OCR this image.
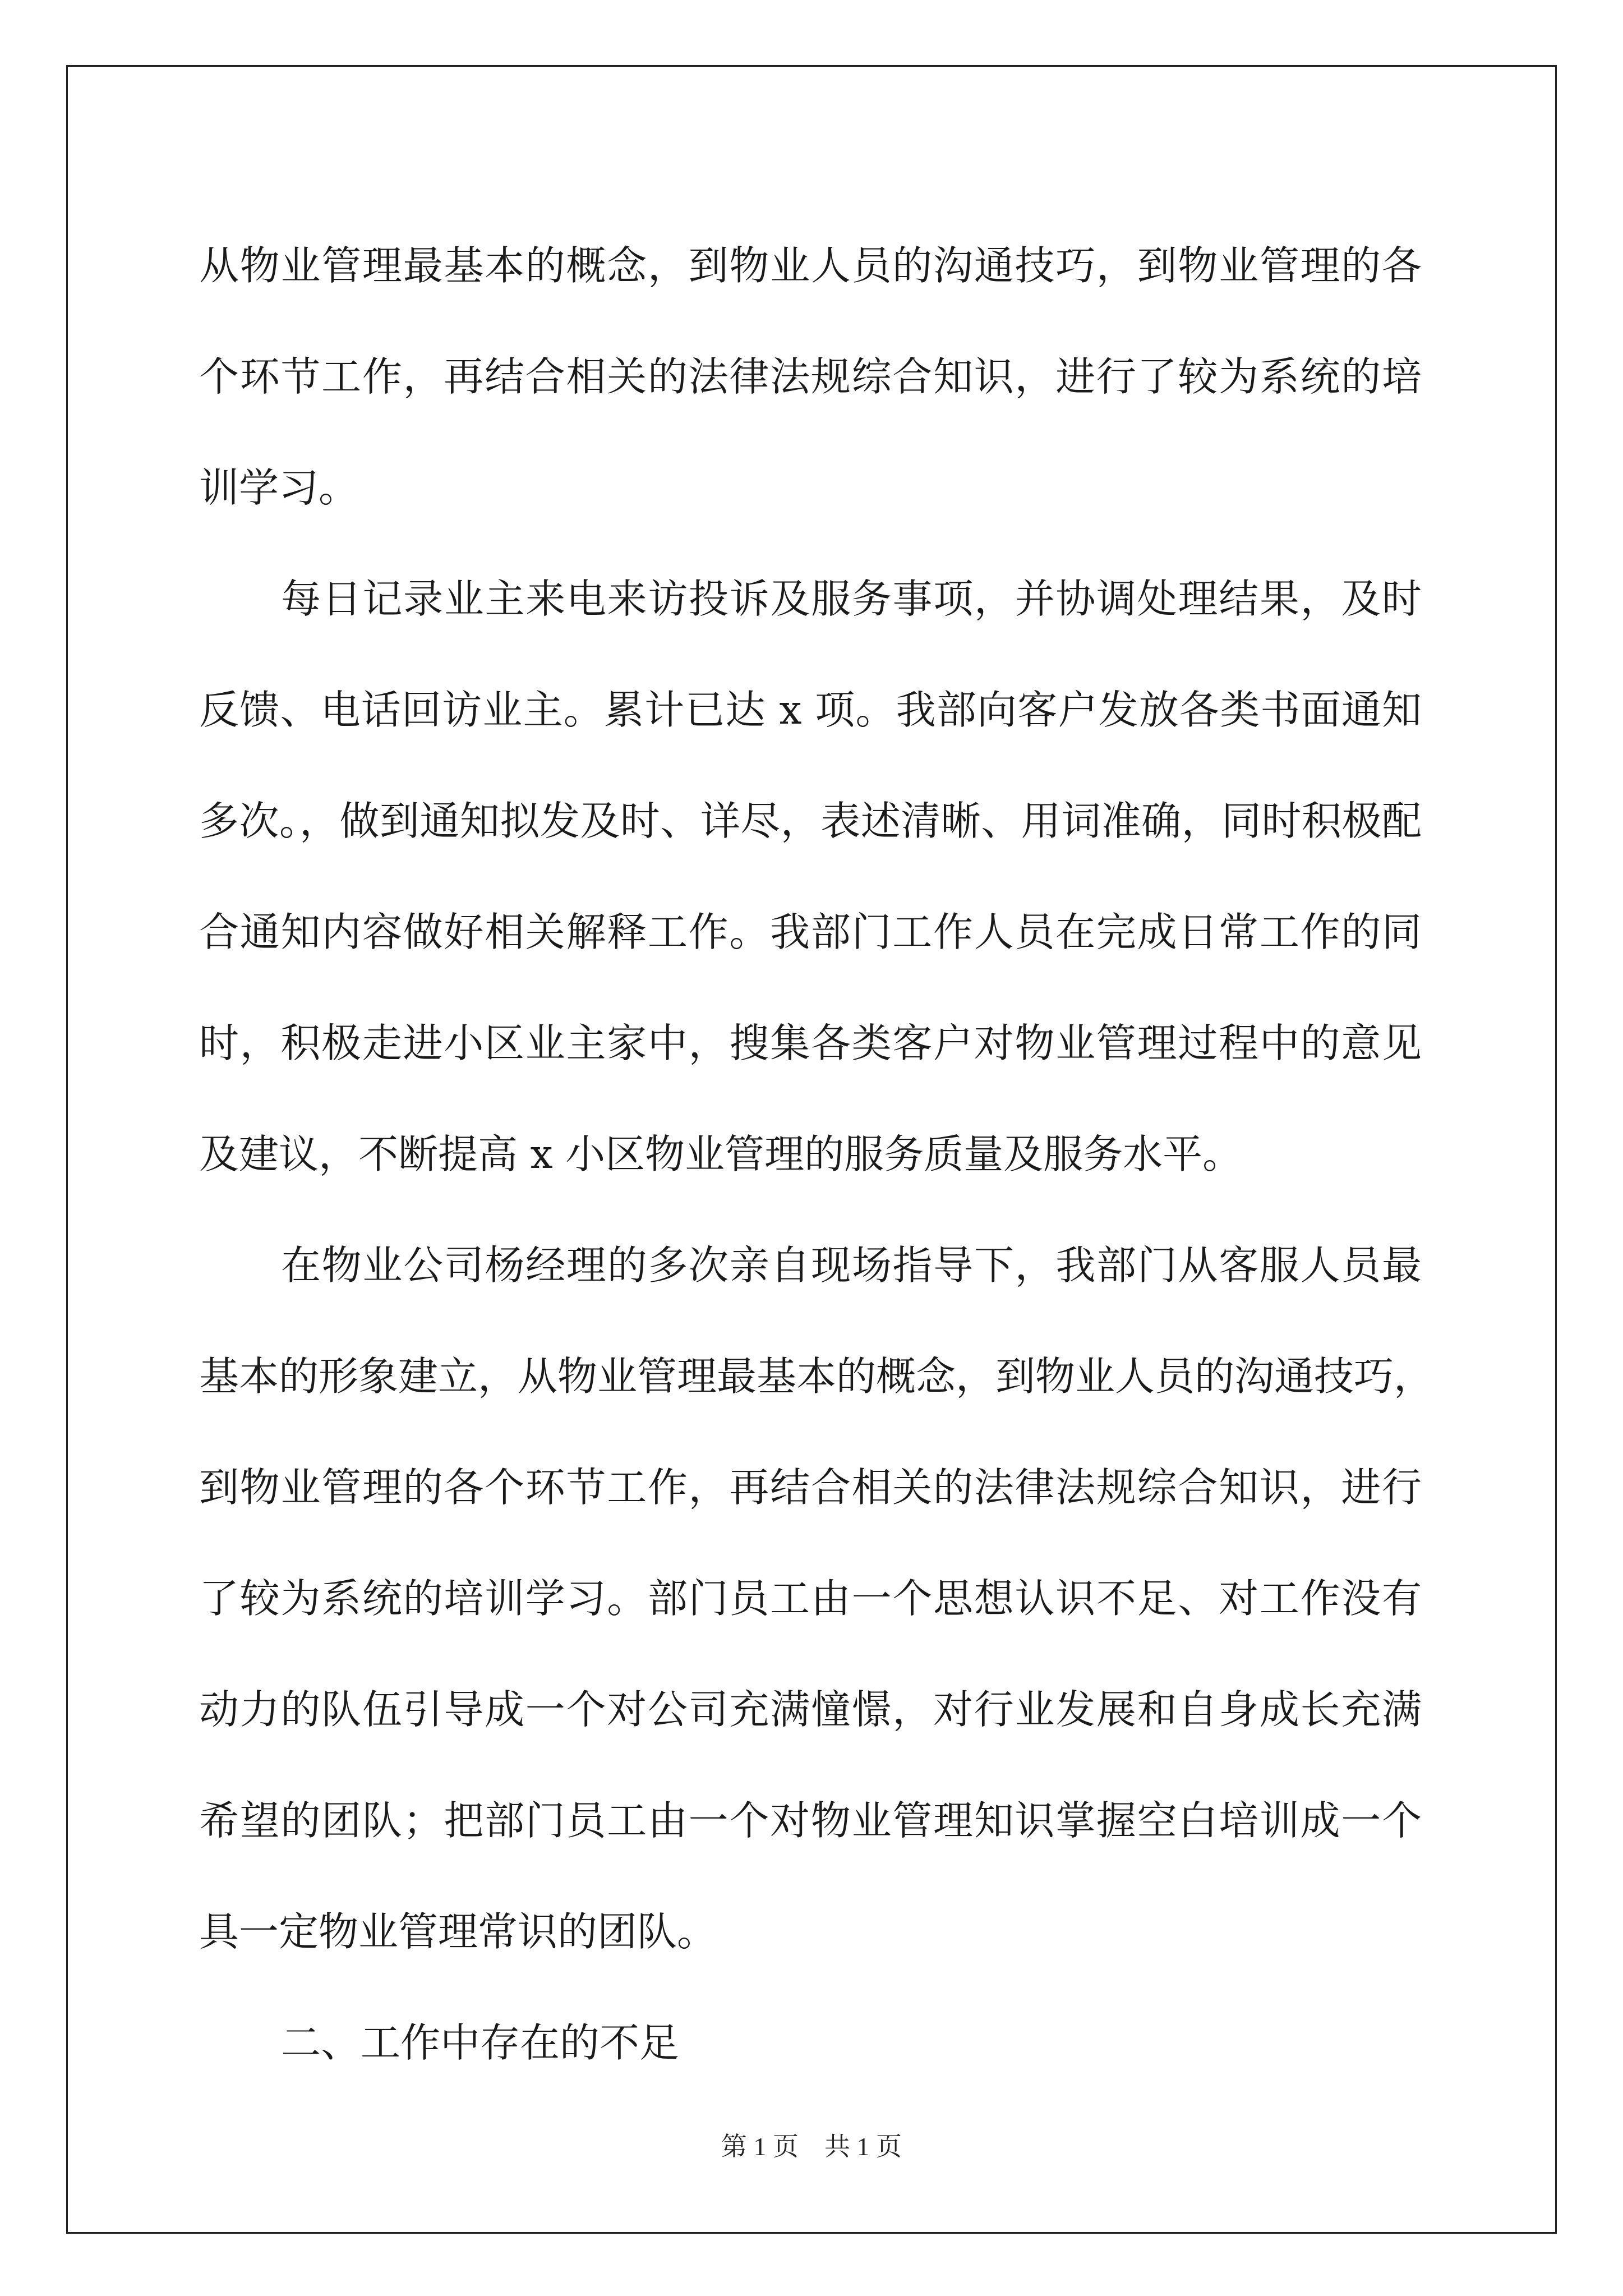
从物业管理最基本的概念，到物业人员的沟通技巧，到物业管理的各
个环节工作，再结合相关的法律法规综合知识，进行了较为系统的培
训学习。
每日记录业主来电来访投诉及服务事项，并协调处理结果，及时
反馈、电话回访业主。累计已达 x 项。我部向客户发放各类书面通知
多次。，做到通知拟发及时、详尽，表述清晰、用词准确，同时积极配
合通知内容做好相关解释工作。我部门工作人员在完成日常工作的同
时，积极走进小区业主家中，搜集各类客户对物业管理过程中的意见
及建议，不断提高 x 小区物业管理的服务质量及服务水平。
在物业公司杨经理的多次亲自现场指导下，我部门从客服人员最
基本的形象建立，从物业管理最基本的概念，到物业人员的沟通技巧，
到物业管理的各个环节工作，再结合相关的法律法规综合知识，进行
了较为系统的培训学习。部门员工由一个思想认识不足、对工作没有
动力的队伍引导成一个对公司充满憧憬，对行业发展和自身成长充满
希望的团队；把部门员工由一个对物业管理知识掌握空白培训成一个
具一定物业管理常识的团队。
二、工作中存在的不足
第 1 页　共 1 页
